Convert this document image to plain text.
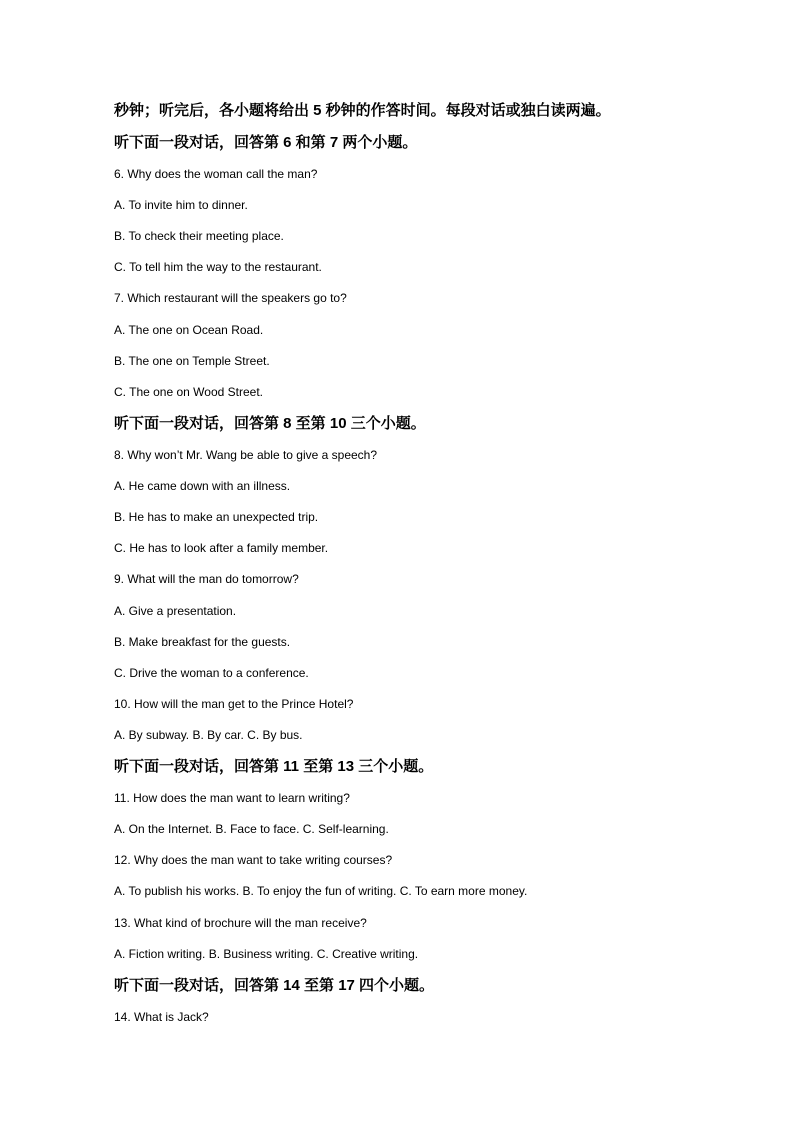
秒钟；听完后，各小题将给出 5 秒钟的作答时间。每段对话或独白读两遍。
听下面一段对话，回答第 6 和第 7 两个小题。
6. Why does the woman call the man?
A. To invite him to dinner.
B. To check their meeting place.
C. To tell him the way to the restaurant.
7. Which restaurant will the speakers go to?
A. The one on Ocean Road.
B. The one on Temple Street.
C. The one on Wood Street.
听下面一段对话，回答第 8 至第 10 三个小题。
8. Why won’t Mr. Wang be able to give a speech?
A. He came down with an illness.
B. He has to make an unexpected trip.
C. He has to look after a family member.
9. What will the man do tomorrow?
A. Give a presentation.
B. Make breakfast for the guests.
C. Drive the woman to a conference.
10. How will the man get to the Prince Hotel?
A. By subway. B. By car. C. By bus.
听下面一段对话，回答第 11 至第 13 三个小题。
11. How does the man want to learn writing?
A. On the Internet. B. Face to face. C. Self-learning.
12. Why does the man want to take writing courses?
A. To publish his works. B. To enjoy the fun of writing. C. To earn more money.
13. What kind of brochure will the man receive?
A. Fiction writing. B. Business writing. C. Creative writing.
听下面一段对话，回答第 14 至第 17 四个小题。
14. What is Jack?
